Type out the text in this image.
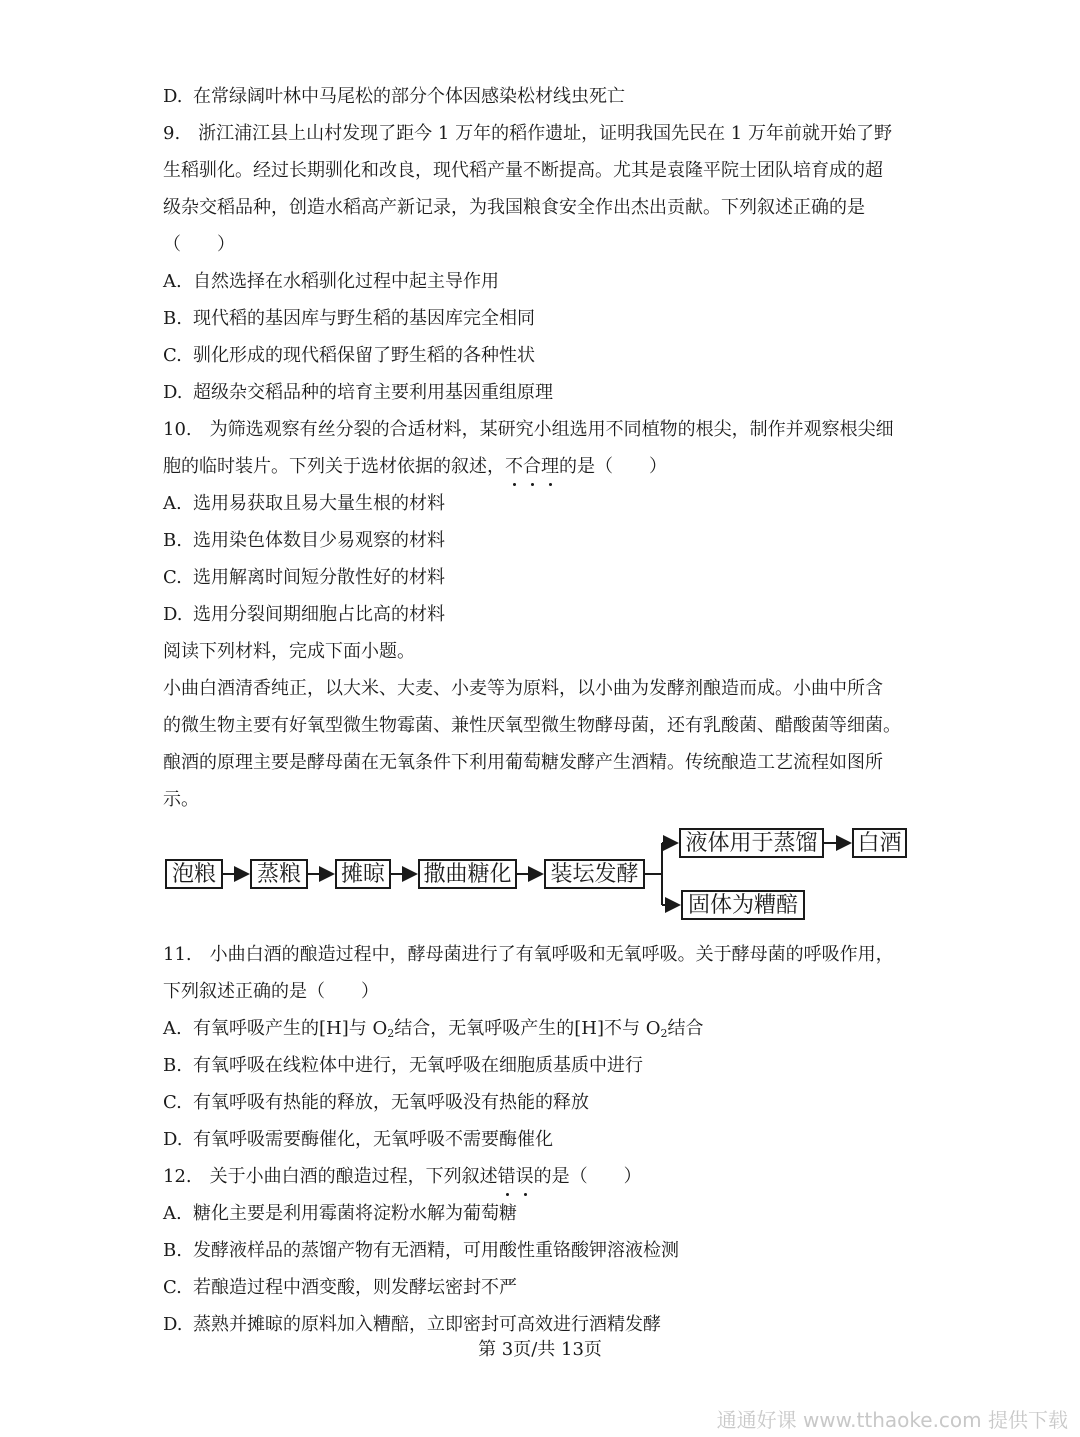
D. 在常绿阔叶林中马尾松的部分个体因感染松材线虫死亡
9.　浙江浦江县上山村发现了距今 1 万年的稻作遗址，证明我国先民在 1 万年前就开始了野
生稻驯化。经过长期驯化和改良，现代稻产量不断提高。尤其是袁隆平院士团队培育成的超
级杂交稻品种，创造水稻高产新记录，为我国粮食安全作出杰出贡献。下列叙述正确的是
（　　）
A. 自然选择在水稻驯化过程中起主导作用
B. 现代稻的基因库与野生稻的基因库完全相同
C. 驯化形成的现代稻保留了野生稻的各种性状
D. 超级杂交稻品种的培育主要利用基因重组原理
10.　为筛选观察有丝分裂的合适材料，某研究小组选用不同植物的根尖，制作并观察根尖细
胞的临时装片。下列关于选材依据的叙述，不合理的是（　　）
A. 选用易获取且易大量生根的材料
B. 选用染色体数目少易观察的材料
C. 选用解离时间短分散性好的材料
D. 选用分裂间期细胞占比高的材料
阅读下列材料，完成下面小题。
小曲白酒清香纯正，以大米、大麦、小麦等为原料，以小曲为发酵剂酿造而成。小曲中所含
的微生物主要有好氧型微生物霉菌、兼性厌氧型微生物酵母菌，还有乳酸菌、醋酸菌等细菌。
酿酒的原理主要是酵母菌在无氧条件下利用葡萄糖发酵产生酒精。传统酿造工艺流程如图所
示。
泡粮	蒸粮	摊晾 撒曲糖化 装坛发酵
液体用于蒸馏 白酒
固体为糟醅
11.　小曲白酒的酿造过程中，酵母菌进行了有氧呼吸和无氧呼吸。关于酵母菌的呼吸作用，
下列叙述正确的是（　　）
A. 有氧呼吸产生的[H]与 $O_2$结合，无氧呼吸产生的[H]不与 $O_2$结合
B. 有氧呼吸在线粒体中进行，无氧呼吸在细胞质基质中进行
C. 有氧呼吸有热能的释放，无氧呼吸没有热能的释放
D. 有氧呼吸需要酶催化，无氧呼吸不需要酶催化
12.　关于小曲白酒的酿造过程，下列叙述错误的是（　　）
A. 糖化主要是利用霉菌将淀粉水解为葡萄糖
B. 发酵液样品的蒸馏产物有无酒精，可用酸性重铬酸钾溶液检测
C. 若酿造过程中酒变酸，则发酵坛密封不严
D. 蒸熟并摊晾的原料加入糟醅，立即密封可高效进行酒精发酵
第 3页/共 13页
通通好课 www.tthaoke.com 提供下载
